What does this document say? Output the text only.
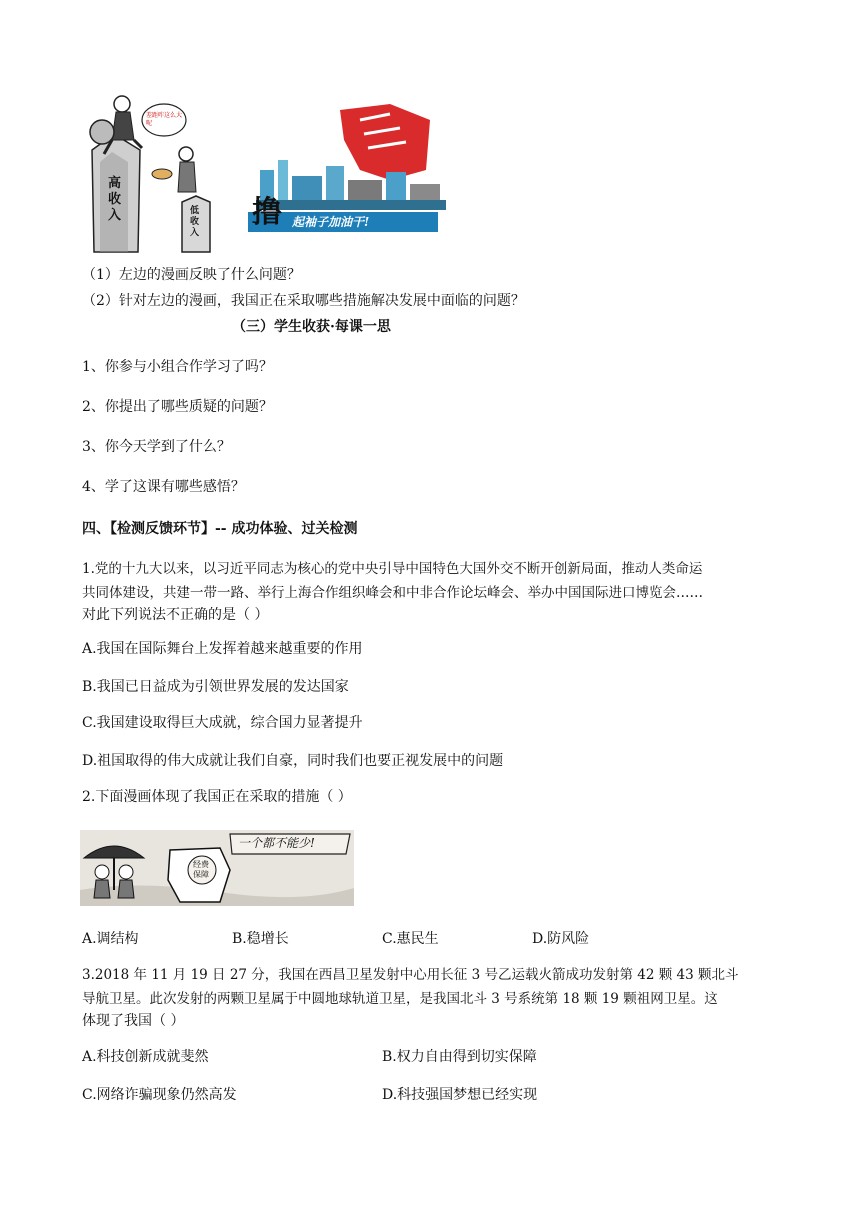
差距咋这么大呢
高收入	低收入
撸 起袖子加油干!
（1）左边的漫画反映了什么问题？
（2）针对左边的漫画，我国正在采取哪些措施解决发展中面临的问题？
（三）学生收获·每课一思
1、你参与小组合作学习了吗？
2、你提出了哪些质疑的问题？
3、你今天学到了什么？
4、学了这课有哪些感悟？
四、【检测反馈环节】-- 成功体验、过关检测
1.党的十九大以来，以习近平同志为核心的党中央引导中国特色大国外交不断开创新局面，推动人类命运
共同体建设，共建一带一路、举行上海合作组织峰会和中非合作论坛峰会、举办中国国际进口博览会……
对此下列说法不正确的是（ ）
A.我国在国际舞台上发挥着越来越重要的作用
B.我国已日益成为引领世界发展的发达国家
C.我国建设取得巨大成就，综合国力显著提升
D.祖国取得的伟大成就让我们自豪，同时我们也要正视发展中的问题
2.下面漫画体现了我国正在采取的措施（ ）
一个都不能少!
经费保障
A.调结构	B.稳增长	C.惠民生	D.防风险
3.2018 年 11 月 19 日 27 分，我国在西昌卫星发射中心用长征 3 号乙运载火箭成功发射第 42 颗 43 颗北斗
导航卫星。此次发射的两颗卫星属于中圆地球轨道卫星，是我国北斗 3 号系统第 18 颗 19 颗祖网卫星。这
体现了我国（ ）
A.科技创新成就斐然	B.权力自由得到切实保障
C.网络诈骗现象仍然高发	D.科技强国梦想已经实现
